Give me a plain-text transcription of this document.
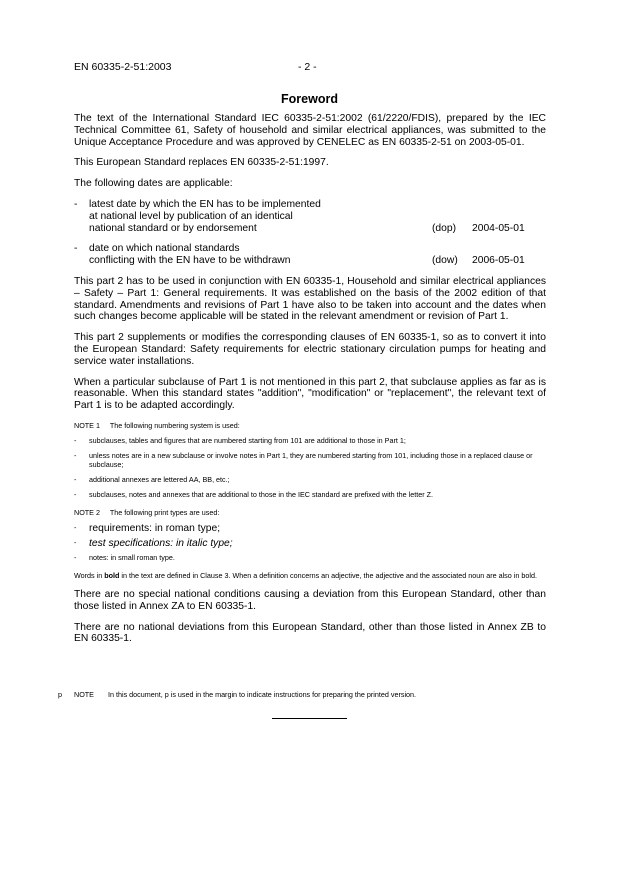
EN 60335-2-51:2003	- 2 -
Foreword

The text of the International Standard IEC 60335-2-51:2002 (61/2220/FDIS), prepared by the IEC Technical Committee 61, Safety of household and similar electrical appliances, was submitted to the Unique Acceptance Procedure and was approved by CENELEC as EN 60335-2-51 on 2003-05-01.

This European Standard replaces EN 60335-2-51:1997.

The following dates are applicable:

-	latest date by which the EN has to be implemented
at national level by publication of an identical
national standard or by endorsement	(dop)	2004-05-01
-	date on which national standards
conflicting with the EN have to be withdrawn	(dow)	2006-05-01

This part 2 has to be used in conjunction with EN 60335-1, Household and similar electrical appliances – Safety – Part 1: General requirements. It was established on the basis of the 2002 edition of that standard. Amendments and revisions of Part 1 have also to be taken into account and the dates when such changes become applicable will be stated in the relevant amendment or revision of Part 1.

This part 2 supplements or modifies the corresponding clauses of EN 60335-1, so as to convert it into the European Standard: Safety requirements for electric stationary circulation pumps for heating and service water installations.

When a particular subclause of Part 1 is not mentioned in this part 2, that subclause applies as far as is reasonable. When this standard states "addition", "modification" or "replacement", the relevant text of Part 1 is to be adapted accordingly.

NOTE 1 The following numbering system is used:
-	subclauses, tables and figures that are numbered starting from 101 are additional to those in Part 1;
-	unless notes are in a new subclause or involve notes in Part 1, they are numbered starting from 101, including those in a replaced clause or subclause;
-	additional annexes are lettered AA, BB, etc.;
-	subclauses, notes and annexes that are additional to those in the IEC standard are prefixed with the letter Z.
NOTE 2 The following print types are used:
-	requirements: in roman type;
-	test specifications: in italic type;
-	notes: in small roman type.

Words in bold in the text are defined in Clause 3. When a definition concerns an adjective, the adjective and the associated noun are also in bold.

There are no special national conditions causing a deviation from this European Standard, other than those listed in Annex ZA to EN 60335-1.

There are no national deviations from this European Standard, other than those listed in Annex ZB to EN 60335-1.

p	NOTE	In this document, p is used in the margin to indicate instructions for preparing the printed version.
